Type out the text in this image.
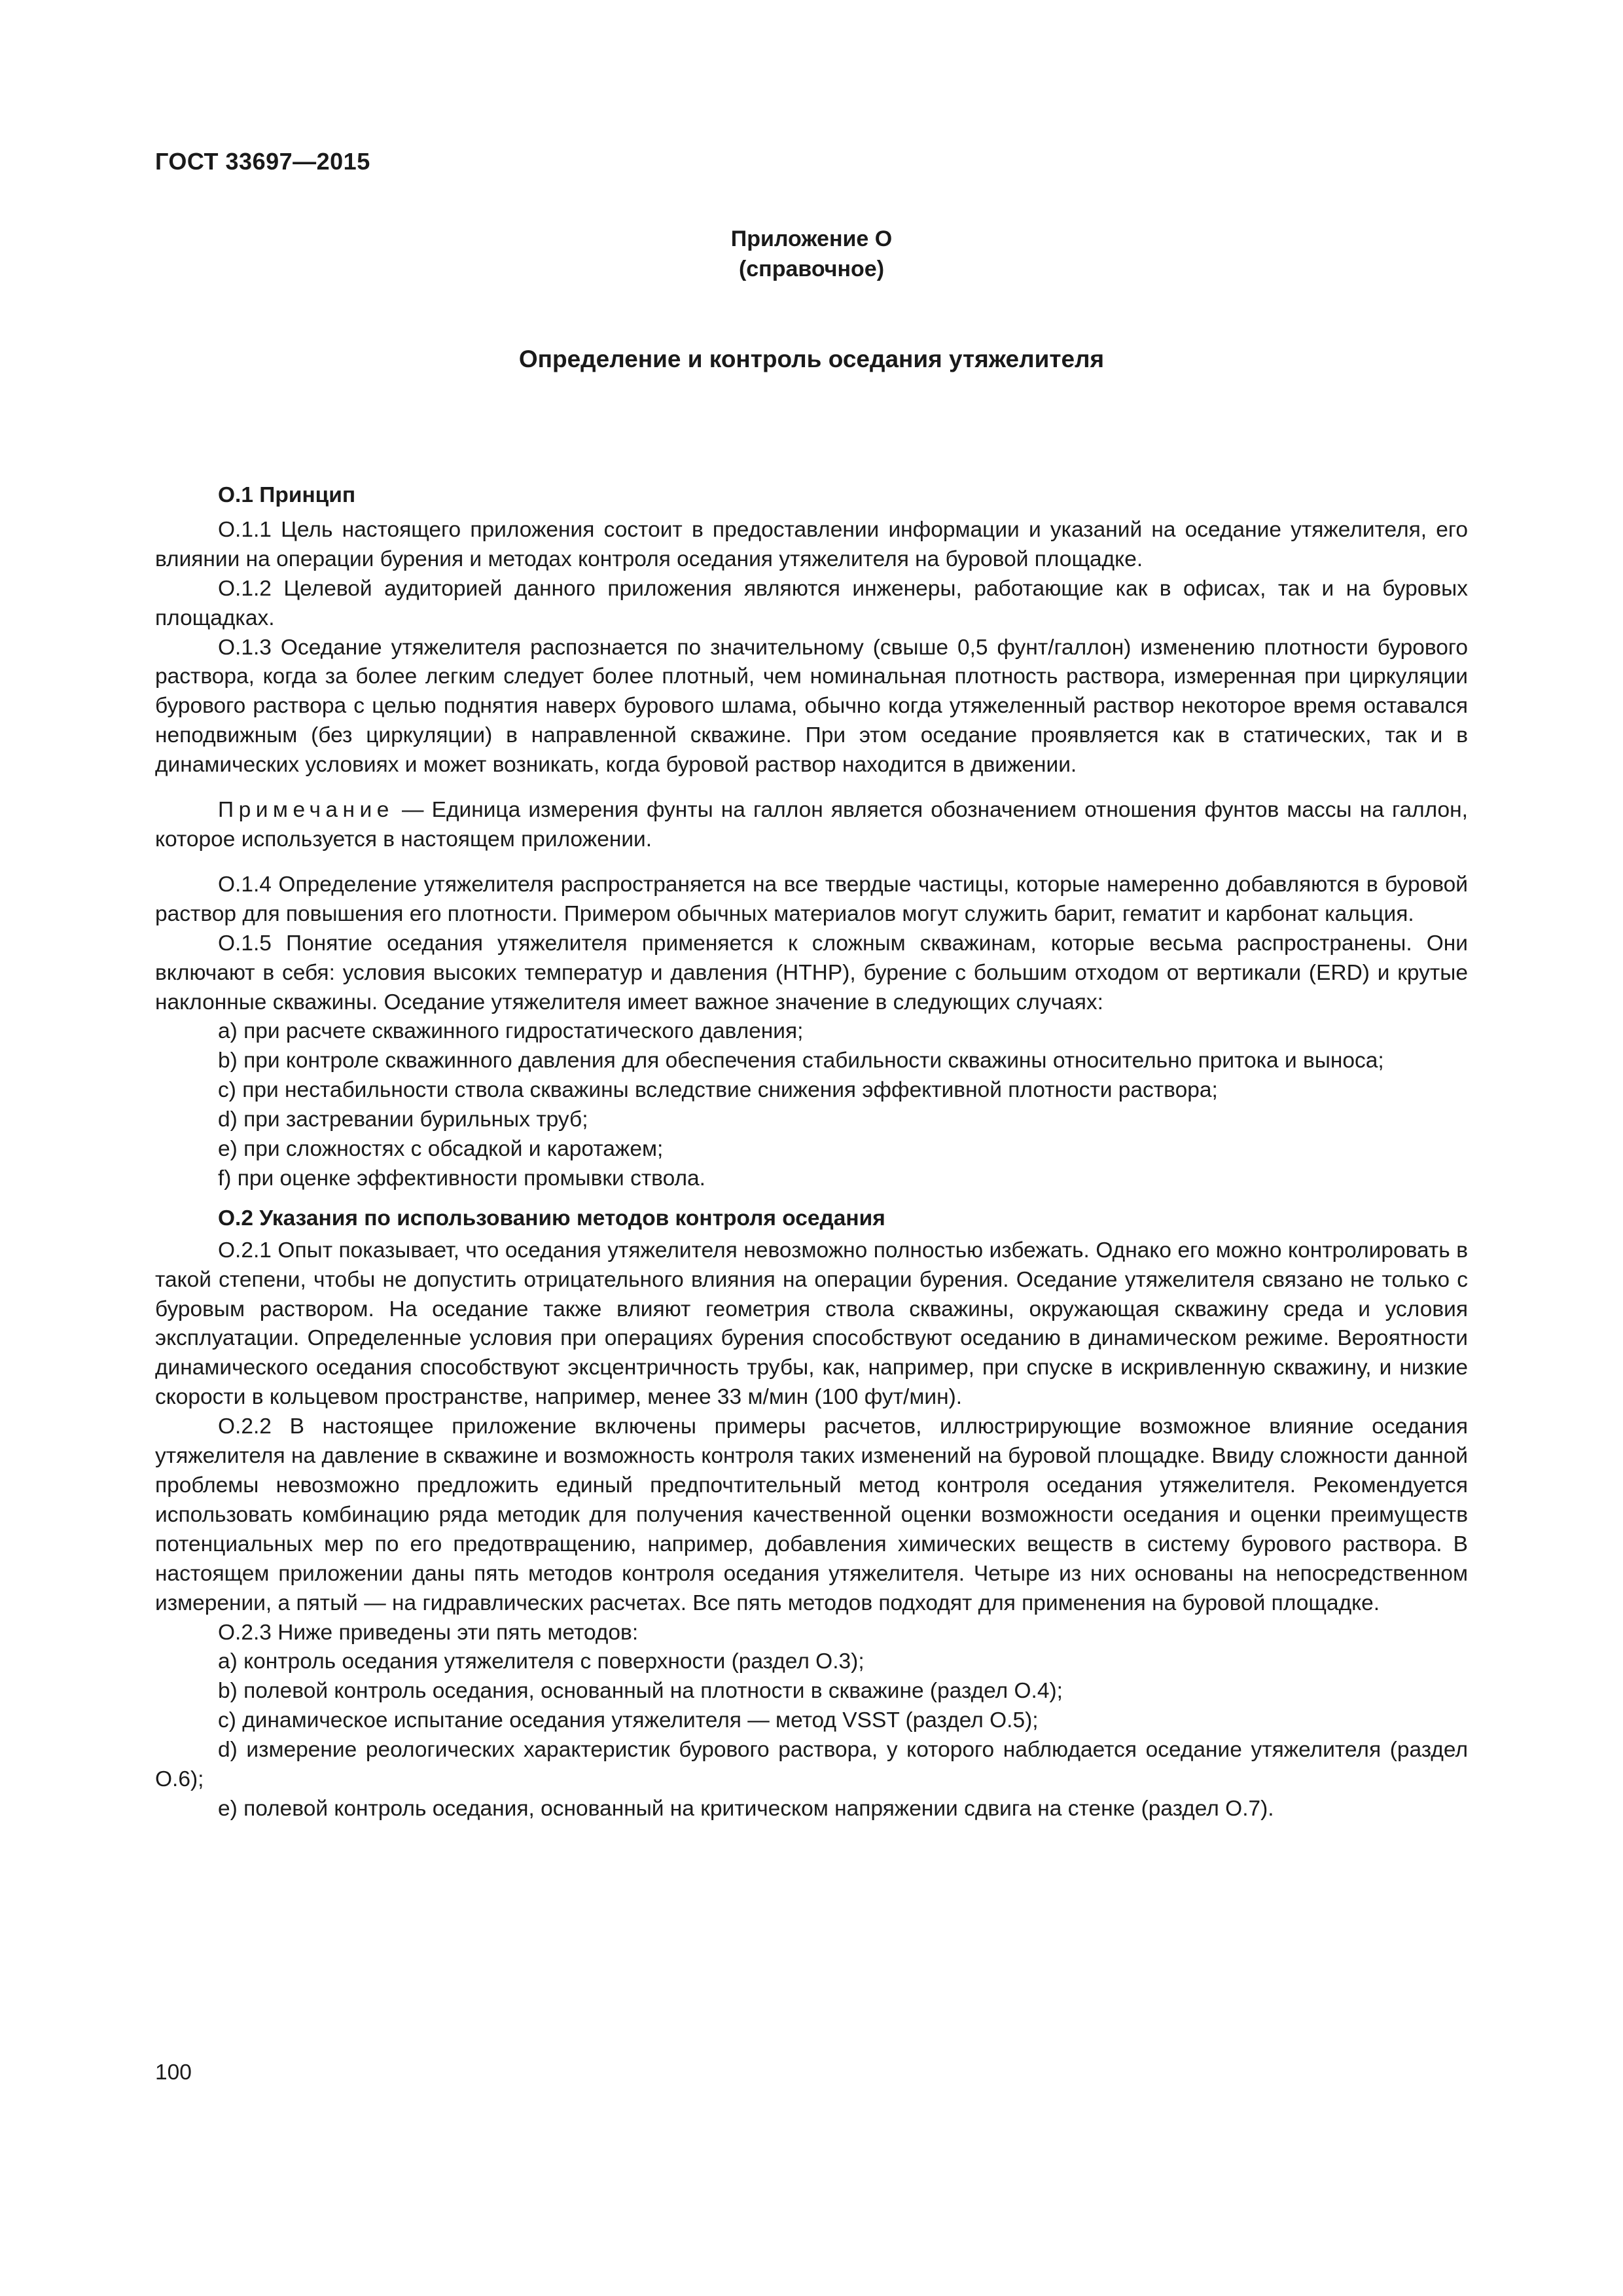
ГОСТ 33697—2015
Приложение О
(справочное)
Определение и контроль оседания утяжелителя
О.1 Принцип

О.1.1 Цель настоящего приложения состоит в предоставлении информации и указаний на оседание утяжелителя, его влиянии на операции бурения и методах контроля оседания утяжелителя на буровой площадке.

О.1.2 Целевой аудиторией данного приложения являются инженеры, работающие как в офисах, так и на буровых площадках.

О.1.3 Оседание утяжелителя распознается по значительному (свыше 0,5 фунт/галлон) изменению плотности бурового раствора, когда за более легким следует более плотный, чем номинальная плотность раствора, измеренная при циркуляции бурового раствора с целью поднятия наверх бурового шлама, обычно когда утяжеленный раствор некоторое время оставался неподвижным (без циркуляции) в направленной скважине. При этом оседание проявляется как в статических, так и в динамических условиях и может возникать, когда буровой раствор находится в движении.

Примечание — Единица измерения фунты на галлон является обозначением отношения фунтов массы на галлон, которое используется в настоящем приложении.

О.1.4 Определение утяжелителя распространяется на все твердые частицы, которые намеренно добавляются в буровой раствор для повышения его плотности. Примером обычных материалов могут служить барит, гематит и карбонат кальция.

О.1.5 Понятие оседания утяжелителя применяется к сложным скважинам, которые весьма распространены. Они включают в себя: условия высоких температур и давления (HTHP), бурение с большим отходом от вертикали (ERD) и крутые наклонные скважины. Оседание утяжелителя имеет важное значение в следующих случаях:

a) при расчете скважинного гидростатического давления;

b) при контроле скважинного давления для обеспечения стабильности скважины относительно притока и выноса;

c) при нестабильности ствола скважины вследствие снижения эффективной плотности раствора;

d) при застревании бурильных труб;

e) при сложностях с обсадкой и каротажем;

f) при оценке эффективности промывки ствола.

О.2 Указания по использованию методов контроля оседания

О.2.1 Опыт показывает, что оседания утяжелителя невозможно полностью избежать. Однако его можно контролировать в такой степени, чтобы не допустить отрицательного влияния на операции бурения. Оседание утяжелителя связано не только с буровым раствором. На оседание также влияют геометрия ствола скважины, окружающая скважину среда и условия эксплуатации. Определенные условия при операциях бурения способствуют оседанию в динамическом режиме. Вероятности динамического оседания способствуют эксцентричность трубы, как, например, при спуске в искривленную скважину, и низкие скорости в кольцевом пространстве, например, менее 33 м/мин (100 фут/мин).

О.2.2 В настоящее приложение включены примеры расчетов, иллюстрирующие возможное влияние оседания утяжелителя на давление в скважине и возможность контроля таких изменений на буровой площадке. Ввиду сложности данной проблемы невозможно предложить единый предпочтительный метод контроля оседания утяжелителя. Рекомендуется использовать комбинацию ряда методик для получения качественной оценки возможности оседания и оценки преимуществ потенциальных мер по его предотвращению, например, добавления химических веществ в систему бурового раствора. В настоящем приложении даны пять методов контроля оседания утяжелителя. Четыре из них основаны на непосредственном измерении, а пятый — на гидравлических расчетах. Все пять методов подходят для применения на буровой площадке.

О.2.3 Ниже приведены эти пять методов:

a) контроль оседания утяжелителя с поверхности (раздел О.3);

b) полевой контроль оседания, основанный на плотности в скважине (раздел О.4);

c) динамическое испытание оседания утяжелителя — метод VSST (раздел О.5);

d) измерение реологических характеристик бурового раствора, у которого наблюдается оседание утяжелителя (раздел О.6);

e) полевой контроль оседания, основанный на критическом напряжении сдвига на стенке (раздел О.7).

100
